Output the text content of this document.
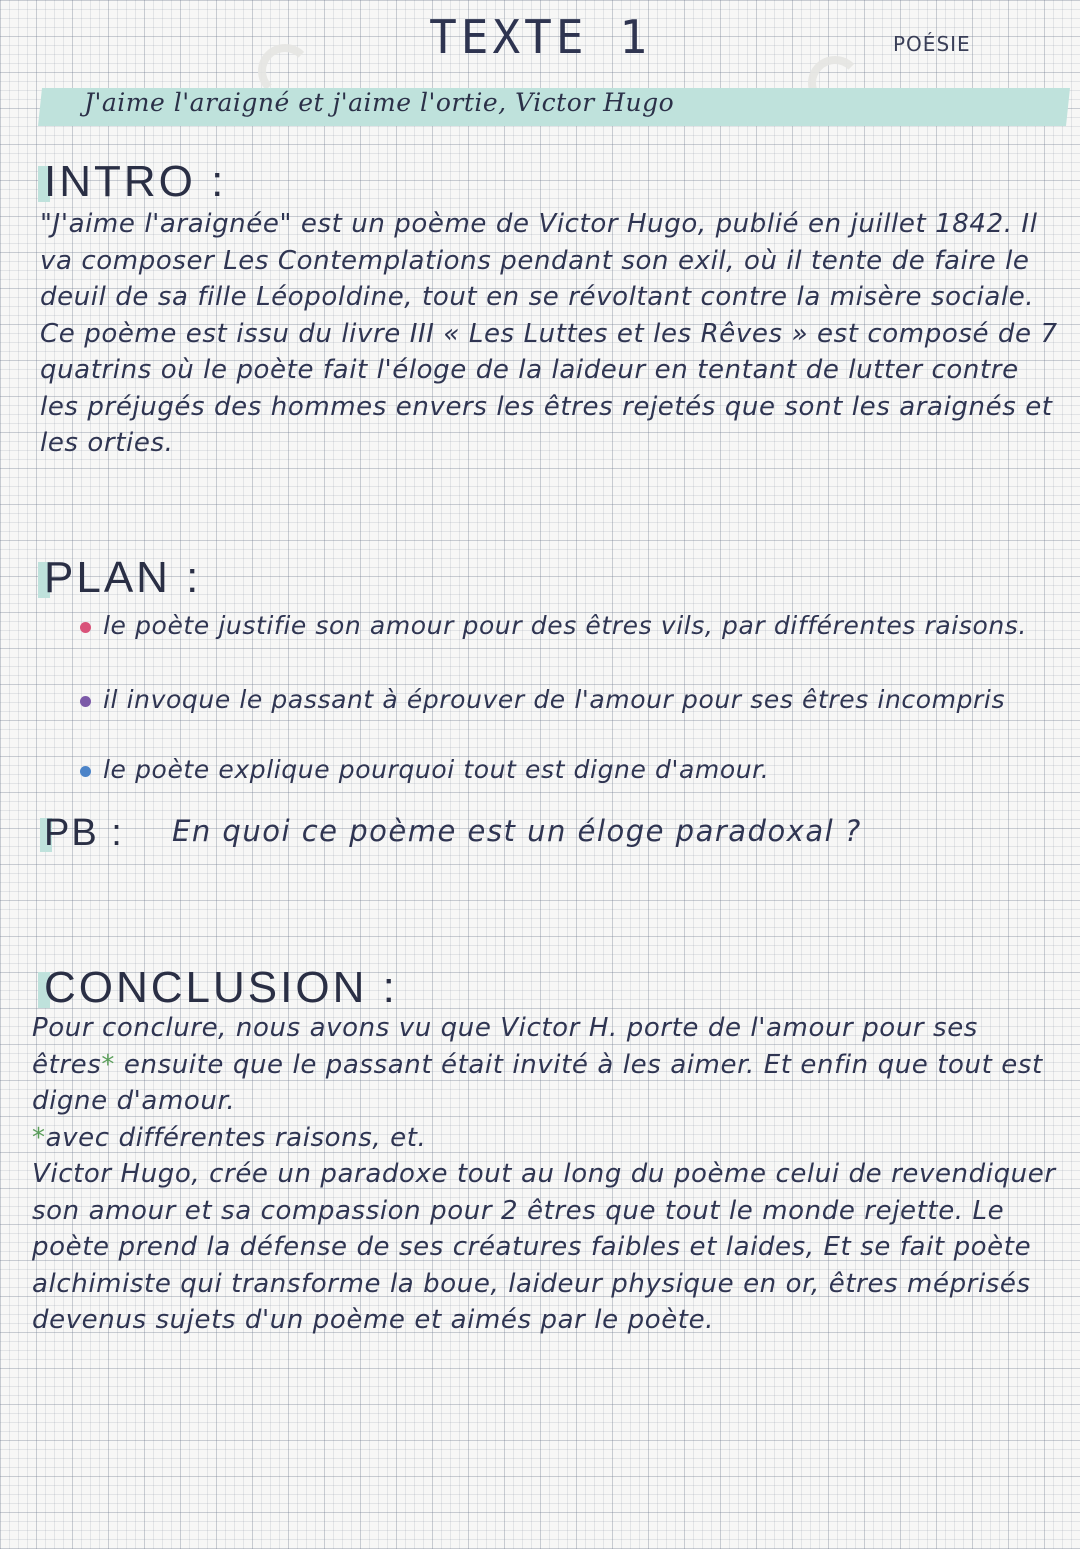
TEXTE 1	POÉSIE
J'aime l'araigné et j'aime l'ortie, Victor Hugo
INTRO :
"J'aime l'araignée" est un poème de Victor Hugo, publié en juillet 1842. Il va composer Les Contemplations pendant son exil, où il tente de faire le deuil de sa fille Léopoldine, tout en se révoltant contre la misère sociale. Ce poème est issu du livre III « Les Luttes et les Rêves » est composé de 7 quatrins où le poète fait l'éloge de la laideur en tentant de lutter contre les préjugés des hommes envers les êtres rejetés que sont les araignés et les orties.
PLAN :
le poète justifie son amour pour des êtres vils, par différentes raisons.
il invoque le passant à éprouver de l'amour pour ses êtres incompris
le poète explique pourquoi tout est digne d'amour.
PB : En quoi ce poème est un éloge paradoxal ?
CONCLUSION :
Pour conclure, nous avons vu que Victor H. porte de l'amour pour ses êtres* ensuite que le passant était invité à les aimer. Et enfin que tout est digne d'amour.
*avec différentes raisons, et.
Victor Hugo, crée un paradoxe tout au long du poème celui de revendiquer son amour et sa compassion pour 2 êtres que tout le monde rejette. Le poète prend la défense de ses créatures faibles et laides, Et se fait poète alchimiste qui transforme la boue, laideur physique en or, êtres méprisés devenus sujets d'un poème et aimés par le poète.
